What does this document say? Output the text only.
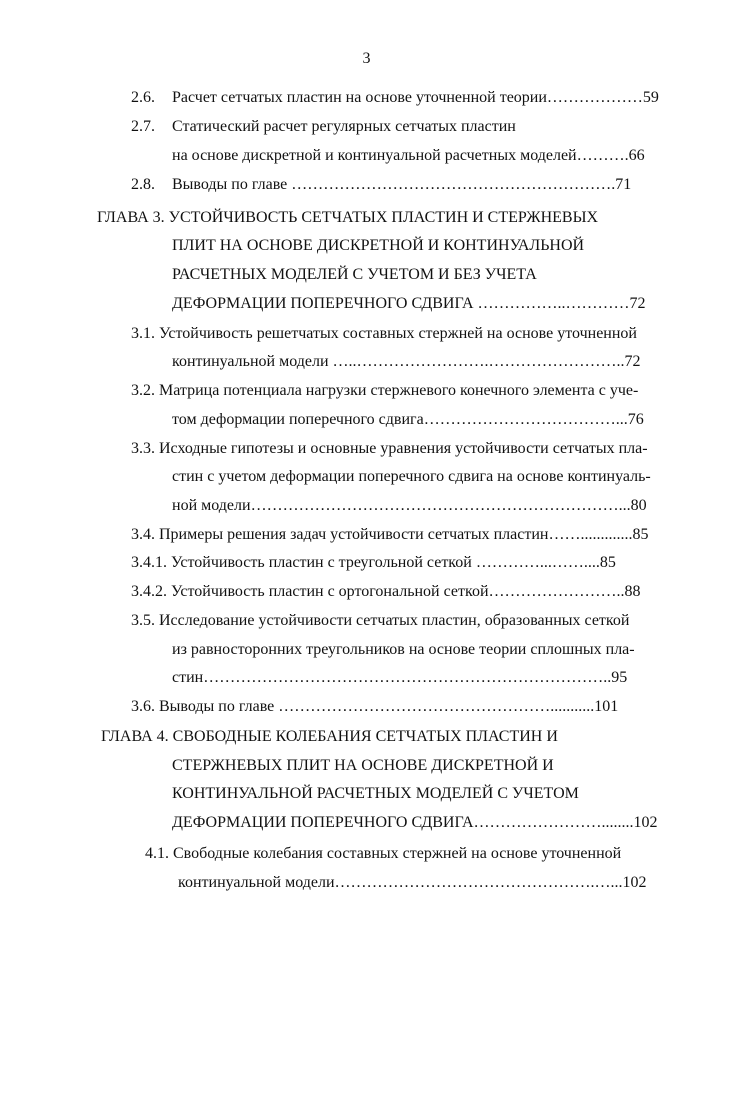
3
2.6. Расчет сетчатых пластин на основе уточненной теории………………59
2.7. Статический расчет регулярных сетчатых пластин
на основе дискретной и континуальной расчетных моделей……….66
2.8. Выводы по главе …………………………………………………….71
ГЛАВА 3. УСТОЙЧИВОСТЬ СЕТЧАТЫХ ПЛАСТИН И СТЕРЖНЕВЫХ
ПЛИТ НА ОСНОВЕ ДИСКРЕТНОЙ И КОНТИНУАЛЬНОЙ
РАСЧЕТНЫХ МОДЕЛЕЙ С УЧЕТОМ И БЕЗ УЧЕТА
ДЕФОРМАЦИИ ПОПЕРЕЧНОГО СДВИГА ……………..…………72
3.1. Устойчивость решетчатых составных стержней на основе уточненной
континуальной модели …..…………………….……………………..72
3.2. Матрица потенциала нагрузки стержневого конечного элемента с уче-
том деформации поперечного сдвига………………………………...76
3.3. Исходные гипотезы и основные уравнения устойчивости сетчатых пла-
стин с учетом деформации поперечного сдвига на основе континуаль-
ной модели……………………………………………………………...80
3.4. Примеры решения задач устойчивости сетчатых пластин…….............85
3.4.1. Устойчивость пластин с треугольной сеткой …………...……....85
3.4.2. Устойчивость пластин с ортогональной сеткой……………………..88
3.5. Исследование устойчивости сетчатых пластин, образованных сеткой
из равносторонних треугольников на основе теории сплошных пла-
стин…………………………………………………………………..95
3.6. Выводы по главе ……………………………………………...........101
ГЛАВА 4. СВОБОДНЫЕ КОЛЕБАНИЯ СЕТЧАТЫХ ПЛАСТИН И
СТЕРЖНЕВЫХ ПЛИТ НА ОСНОВЕ ДИСКРЕТНОЙ И
КОНТИНУАЛЬНОЙ РАСЧЕТНЫХ МОДЕЛЕЙ С УЧЕТОМ
ДЕФОРМАЦИИ ПОПЕРЕЧНОГО СДВИГА……………………........102
4.1. Свободные колебания составных стержней на основе уточненной
континуальной модели………………………………………….…...102
